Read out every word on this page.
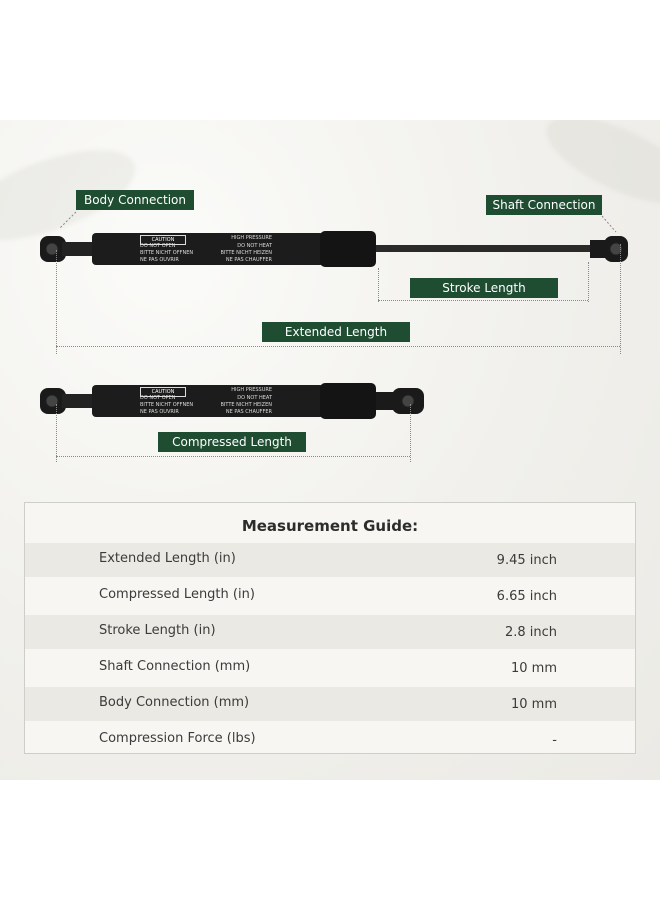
Body Connection	Shaft Connection
Stroke Length
Extended Length
Compressed Length
CAUTION	HIGH PRESSURE
DO NOT OPEN	DO NOT HEAT
BITTE NICHT OFFNEN	BITTE NICHT HEIZEN
NE PAS OUVRIR	NE PAS CHAUFFER
CAUTION	HIGH PRESSURE
DO NOT OPEN	DO NOT HEAT
BITTE NICHT OFFNEN	BITTE NICHT HEIZEN
NE PAS OUVRIR	NE PAS CHAUFFER
Measurement Guide:
Extended Length (in)	9.45 inch
Compressed Length (in)	6.65 inch
Stroke Length (in)	2.8 inch
Shaft Connection (mm)	10 mm
Body Connection (mm)	10 mm
Compression Force (lbs)	-
